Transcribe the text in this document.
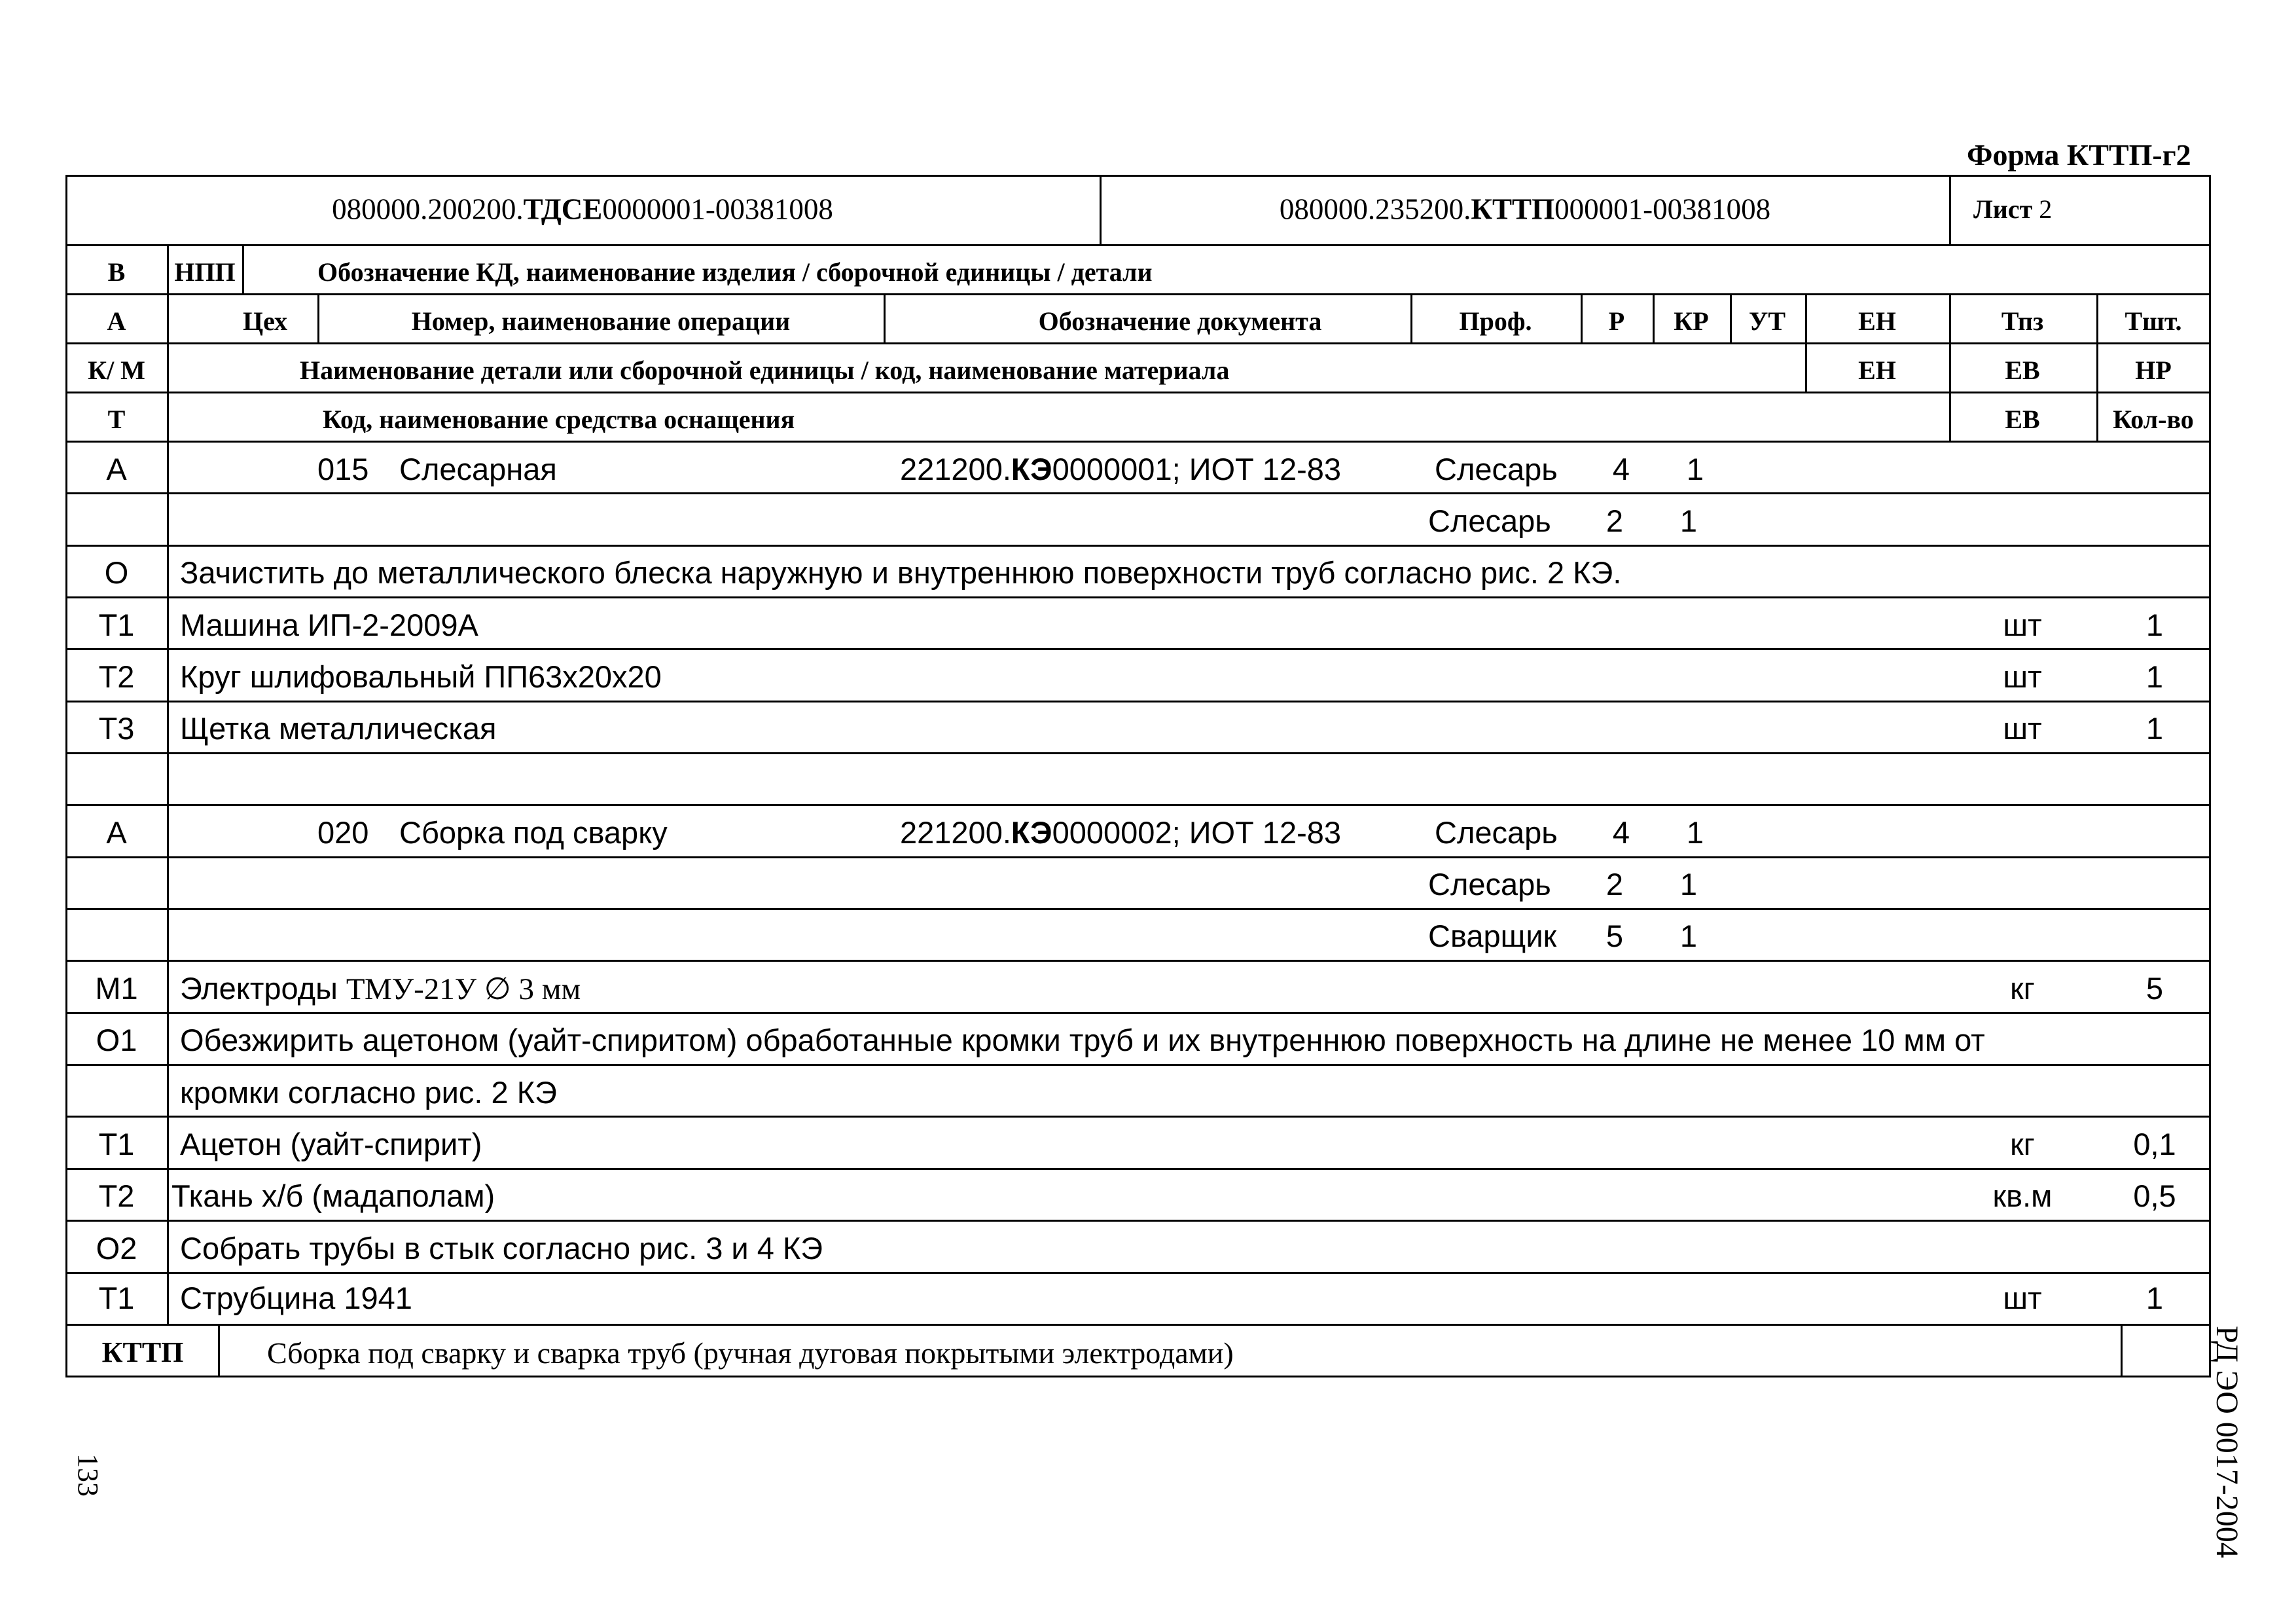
Форма КТТП-г2
080000.200200.ТДСЕ0000001-00381008	080000.235200.КТТП000001-00381008	Лист 2
В НПП	Обозначение КД, наименование изделия / сборочной единицы / детали
А	Цех	Номер, наименование операции	Обозначение документа	Проф.	Р КР УТ	ЕН	Тпз	Тшт.
К/ М	Наименование детали или сборочной единицы / код, наименование материала	ЕН	ЕВ	НР
Т	Код, наименование средства оснащения	ЕВ	Кол-во
А	015 Слесарная	221200.КЭ0000001; ИОТ 12-83	Слесарь 4 1
Слесарь 2 1
О Зачистить до металлического блеска наружную и внутреннюю поверхности труб согласно рис. 2 КЭ.
Т1 Машина ИП-2-2009А	шт	1
Т2 Круг шлифовальный ПП63х20х20	шт	1
Т3 Щетка металлическая	шт	1
А	020 Сборка под сварку	221200.КЭ0000002; ИОТ 12-83	Слесарь 4 1
Слесарь 2 1
Сварщик 5 1
М1 Электроды ТМУ-21У ∅ 3 мм	кг	5
О1 Обезжирить ацетоном (уайт-спиритом) обработанные кромки труб и их внутреннюю поверхность на длине не менее 10 мм от
кромки согласно рис. 2 КЭ
Т1 Ацетон (уайт-спирит)	кг	0,1
Т2 Ткань х/б (мадаполам)	кв.м	0,5
О2 Собрать трубы в стык согласно рис. 3 и 4 КЭ
Т1 Струбцина 1941	шт	1
КТТП	Сборка под сварку и сварка труб (ручная дуговая покрытыми электродами)	РД ЭО 0017-2004
133
